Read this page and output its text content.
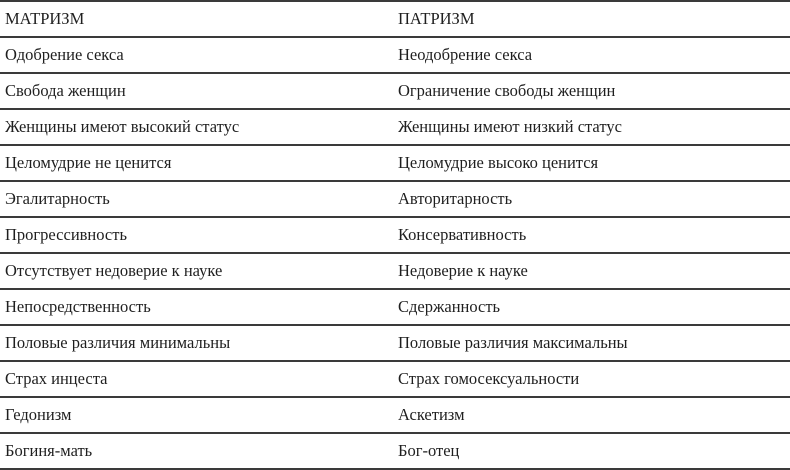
МАТРИЗМ	ПАТРИЗМ
Одобрение секса	Неодобрение секса
Свобода женщин	Ограничение свободы женщин
Женщины имеют высокий статус	Женщины имеют низкий статус
Целомудрие не ценится	Целомудрие высоко ценится
Эгалитарность	Авторитарность
Прогрессивность	Консервативность
Отсутствует недоверие к науке	Недоверие к науке
Непосредственность	Сдержанность
Половые различия минимальны	Половые различия максимальны
Страх инцеста	Страх гомосексуальности
Гедонизм	Аскетизм
Богиня-мать	Бог-отец
